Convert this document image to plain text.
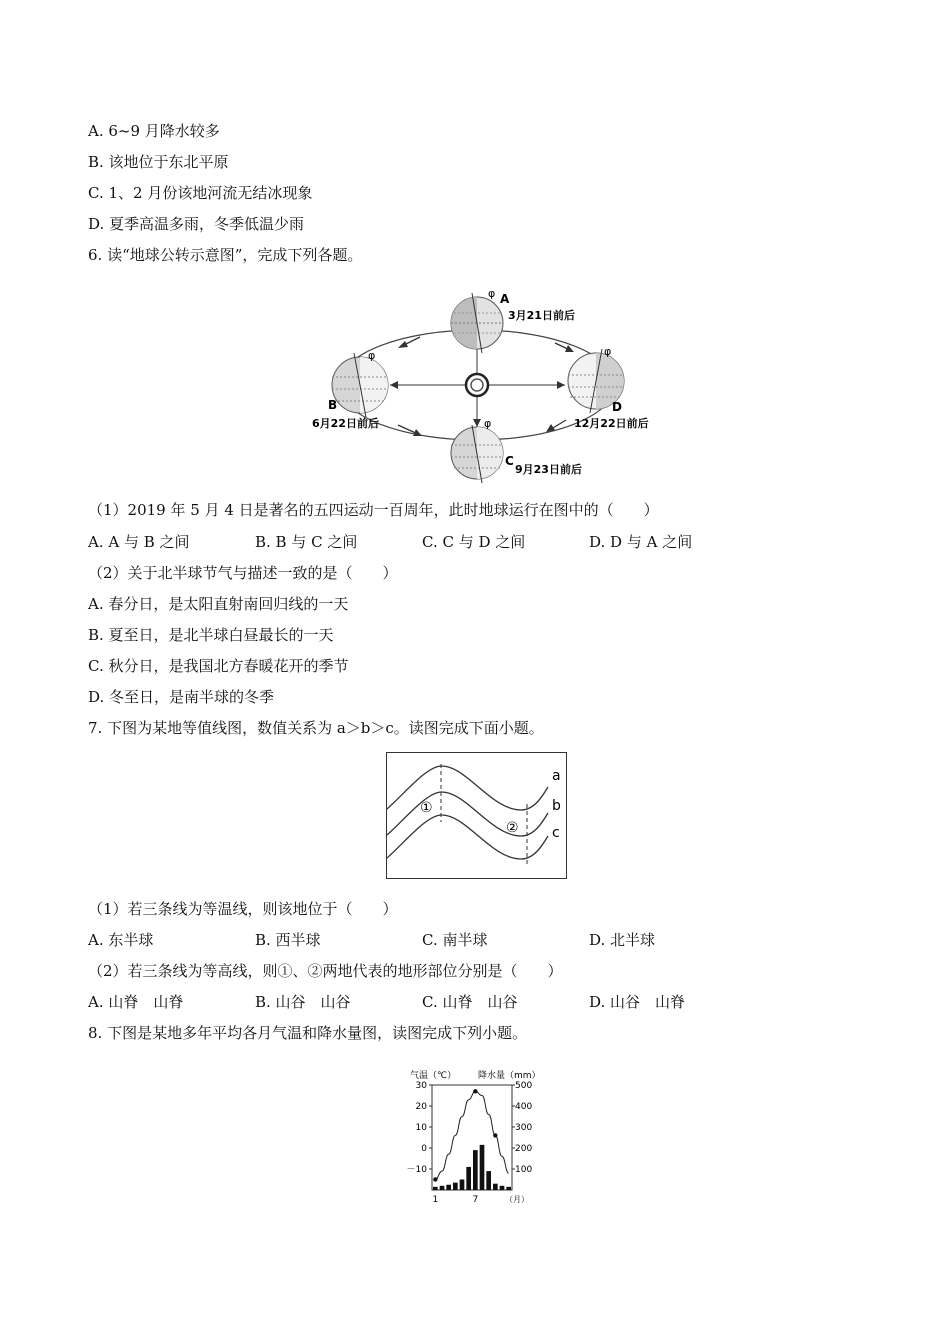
A. 6~9 月降水较多
B. 该地位于东北平原
C. 1、2 月份该地河流无结冰现象
D. 夏季高温多雨，冬季低温少雨
6. 读“地球公转示意图”，完成下列各题。
φ A
3月21日前后
φ
B
6月22日前后	φ
C
9月23日前后
φ
D
12月22日前后
（1）2019 年 5 月 4 日是著名的五四运动一百周年，此时地球运行在图中的（　　）
A. A 与 B 之间	B. B 与 C 之间	C. C 与 D 之间	D. D 与 A 之间
（2）关于北半球节气与描述一致的是（　　）
A. 春分日，是太阳直射南回归线的一天
B. 夏至日，是北半球白昼最长的一天
C. 秋分日，是我国北方春暖花开的季节
D. 冬至日，是南半球的冬季
7. 下图为某地等值线图，数值关系为 a＞b＞c。读图完成下面小题。
a
b
c
①
②
（1）若三条线为等温线，则该地位于（　　）
A. 东半球	B. 西半球	C. 南半球	D. 北半球
（2）若三条线为等高线，则①、②两地代表的地形部位分别是（　　）
A. 山脊　山脊	B. 山谷　山谷	C. 山脊　山谷	D. 山谷　山脊
8. 下图是某地多年平均各月气温和降水量图，读图完成下列小题。
气温（℃） 降水量（mm）
30
20
10
0
－10
500
400
300
200
100
1	7	（月）
